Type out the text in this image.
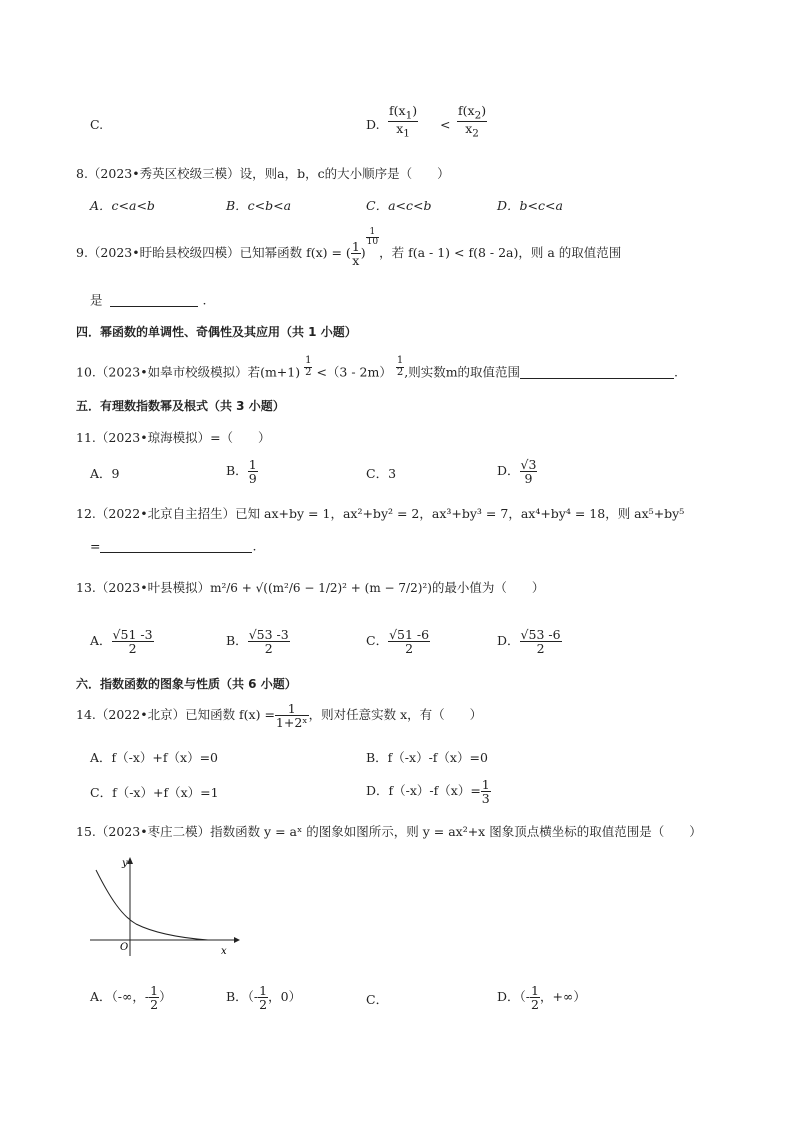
C.	D. $\frac{f(x_1)}{x_1} < \frac{f(x_2)}{x_2}$
8.（2023•秀英区校级三模）设，则a，b，c的大小顺序是（　　）
A．c<a<b	B．c<b<a	C．a<c<b	D．b<c<a
9.（2023•盱眙县校级四模）已知幂函数 f(x) = ( $\frac{1}{x}$ )
$\frac{1}{10}$
，若 f(a - 1) < f(8 - 2a)，则 a 的取值范围
是	.
四．幂函数的单调性、奇偶性及其应用（共 1 小题）
10.（2023•如皋市校级模拟）若$(m+1) \frac{1}{2} <(3 - 2m) \frac{1}{2}$ ,则实数m的取值范围	.
五．有理数指数幂及根式（共 3 小题）
11.（2023•琼海模拟）=（　　）
A．9	B． $\frac{1}{9}$	C．3	D． $\frac{√3}{9}$
12.（2022•北京自主招生）已知 ax+by = 1，ax²+by² = 2，ax³+by³ = 7，ax⁴+by⁴ = 18，则 ax⁵+by⁵
=	.
13.（2023•叶县模拟）m²/6 + √((m²/6 − 1/2)² + (m − 7/2)²)的最小值为（　　）
A． $\frac{√51 -3}{2}$	B． $\frac{√53 -3}{2}$	C． $\frac{√51 -6}{2}$	D． $\frac{√53 -6}{2}$
六．指数函数的图象与性质（共 6 小题）
14.（2022•北京）已知函数 $f(x) = \frac{1}{\text{1+2ˣ}}$ ，则对任意实数 x，有（　　）
A．f（-x）+f（x）=0	B．f（-x）-f（x）=0
C．f（-x）+f（x）=1	D．$f(-x)-f(x)= \frac{1}{3}$
15.（2023•枣庄二模）指数函数 y = aˣ 的图象如图所示，则 y = ax²+x 图象顶点横坐标的取值范围是（　　）
y
x
O
A．（-∞，- $\frac{1}{2}$ ）	B．（- $\frac{1}{2}$ ，0）	C．	D．（- $\frac{1}{2}$ ，+∞）
